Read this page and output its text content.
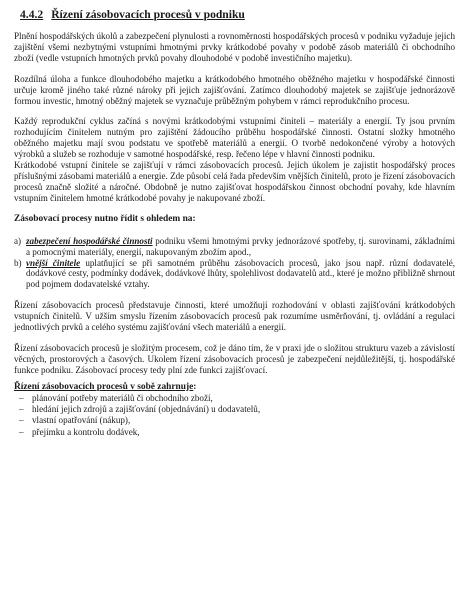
4.4.2 Řízení zásobovacích procesů v podniku

Plnění hospodářských úkolů a zabezpečení plynulosti a rovnoměrnosti hospodářských procesů v podniku vyžaduje jejich zajištění všemi nezbytnými vstupními hmotnými prvky krátkodobé povahy v podobě zásob materiálů či obchodního zboží (vedle vstupních hmotných prvků povahy dlouhodobé v podobě investičního majetku).

Rozdílná úloha a funkce dlouhodobého majetku a krátkodobého hmotného oběžného majetku v hospodářské činnosti určuje kromě jiného také různé nároky při jejich zajišťování. Zatímco dlouhodobý majetek se zajišťuje jednorázově formou investic, hmotný oběžný majetek se vyznačuje průběžným pohybem v rámci reprodukčního procesu.

Každý reprodukční cyklus začíná s novými krátkodobými vstupními činiteli – materiály a energií. Ty jsou prvním rozhodujícím činitelem nutným pro zajištění žádoucího průběhu hospodářské činnosti. Ostatní složky hmotného oběžného majetku mají svou podstatu ve spotřebě materiálů a energií. O tvorbě nedokončené výroby a hotových výrobků a služeb se rozhoduje v samotné hospodářské, resp. řečeno lépe v hlavní činnosti podniku.

Krátkodobé vstupní činitele se zajišťují v rámci zásobovacích procesů. Jejich úkolem je zajistit hospodářský proces příslušnými zásobami materiálů a energie. Zde působí celá řada především vnějších činitelů, proto je řízení zásobovacích procesů značně složité a náročné. Obdobně je nutno zajišťovat hospodářskou činnost obchodní povahy, kde hlavním vstupním činitelem hmotné krátkodobé povahy je nakupované zboží.

Zásobovací procesy nutno řídit s ohledem na:
a) zabezpečení hospodářské činnosti podniku všemi hmotnými prvky jednorázové spotřeby, tj. surovinami, základními a pomocnými materiály, energií, nakupovaným zbožím apod.,
b) vnější činitele uplatňující se při samotném průběhu zásobovacích procesů, jako jsou např. různí dodavatelé, dodávkové cesty, podmínky dodávek, dodávkové lhůty, spolehlivost dodavatelů atd., které je možno přibližně shrnout pod pojmem dodavatelské vztahy.

Řízení zásobovacích procesů představuje činnosti, které umožňují rozhodování v oblasti zajišťování krátkodobých vstupních činitelů. V užším smyslu řízením zásobovacích procesů pak rozumíme usměrňování, tj. ovládání a regulaci jednotlivých prvků a celého systému zajišťování všech materiálů a energií.

Řízení zásobovacích procesů je složitým procesem, což je dáno tím, že v praxi jde o složitou strukturu vazeb a závislostí věcných, prostorových a časových. Ukolem řízení zásobovacích procesů je zabezpečení nejdůležitější, tj. hospodářské funkce podniku. Zásobovací procesy tedy plní zde funkci zajišťovací.

Řízení zásobovacích procesů v sobě zahrnuje:
– plánování potřeby materiálů či obchodního zboží,
– hledání jejich zdrojů a zajišťování (objednávání) u dodavatelů,
– vlastní opatřování (nákup),
– přejímku a kontrolu dodávek,
